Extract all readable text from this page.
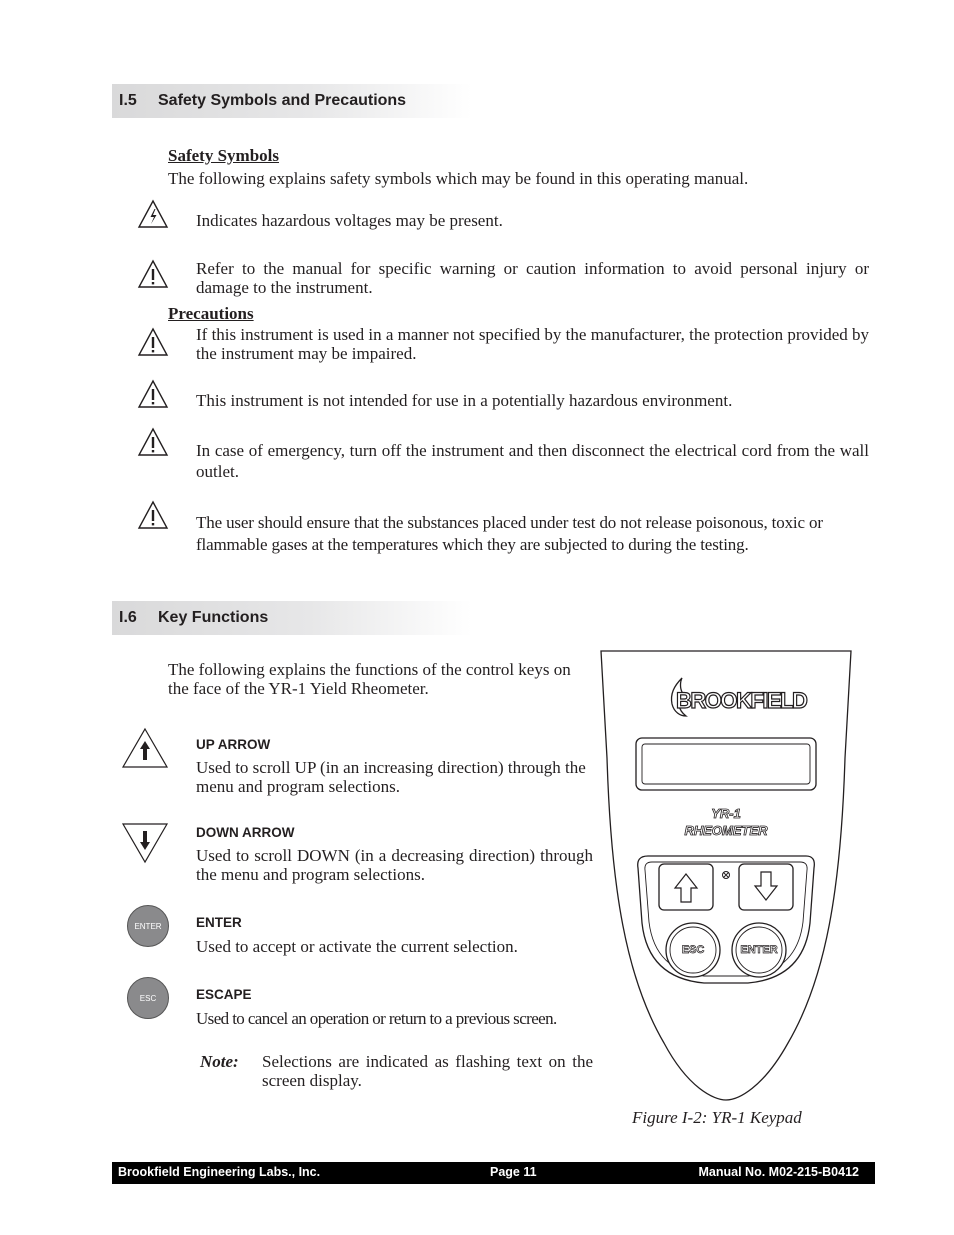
I.5 Safety Symbols and Precautions
Safety Symbols
The following explains safety symbols which may be found in this operating manual.
Indicates hazardous voltages may be present.
Refer to the manual for specific warning or caution information to avoid personal injury or damage to the instrument.
Precautions
If this instrument is used in a manner not specified by the manufacturer, the protection provided by the instrument may be impaired.
This instrument is not intended for use in a potentially hazardous environment.
In case of emergency, turn off the instrument and then disconnect the electrical cord from the wall outlet.
The user should ensure that the substances placed under test do not release poisonous, toxic or flammable gases at the temperatures which they are subjected to during the testing.
I.6 Key Functions
The following explains the functions of the control keys on the face of the YR-1 Yield Rheometer.
UP ARROW
Used to scroll UP (in an increasing direction) through the menu and program selections.
DOWN ARROW
Used to scroll DOWN (in a decreasing direction) through the menu and program selections.
ENTER	ENTER
Used to accept or activate the current selection.
ESC	ESCAPE
Used to cancel an operation or return to a previous screen.
Note: Selections are indicated as flashing text on the screen display.
BROOKFIELD
YR-1
RHEOMETER
ESC	ENTER
Figure I-2: YR-1 Keypad
Brookfield Engineering Labs., Inc.	Page 11	Manual No. M02-215-B0412
